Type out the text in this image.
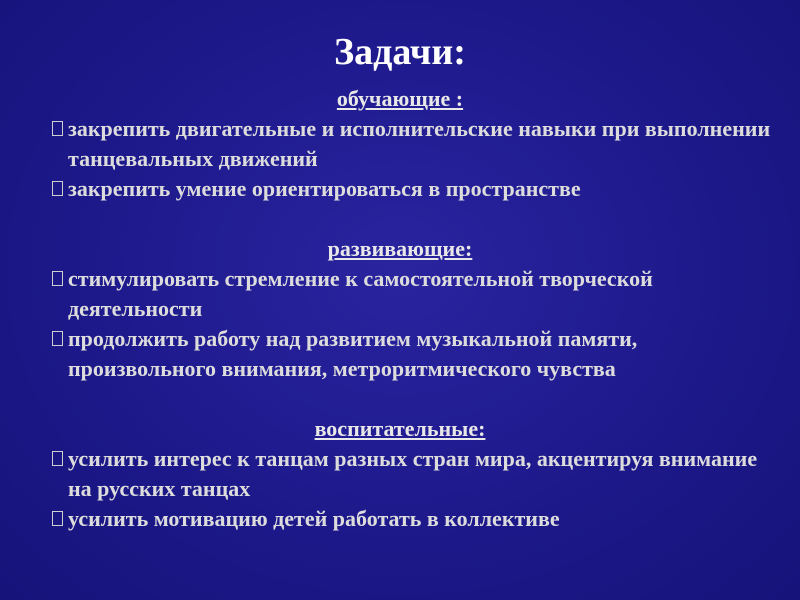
Задачи:
обучающие :
закрепить двигательные и исполнительские навыки при выполнении танцевальных движений
закрепить умение ориентироваться в пространстве
развивающие:
стимулировать стремление к самостоятельной творческой деятельности
продолжить работу над развитием музыкальной памяти, произвольного внимания, метроритмического чувства
воспитательные:
усилить интерес к танцам разных стран мира, акцентируя внимание на русских танцах
усилить мотивацию детей работать в коллективе
